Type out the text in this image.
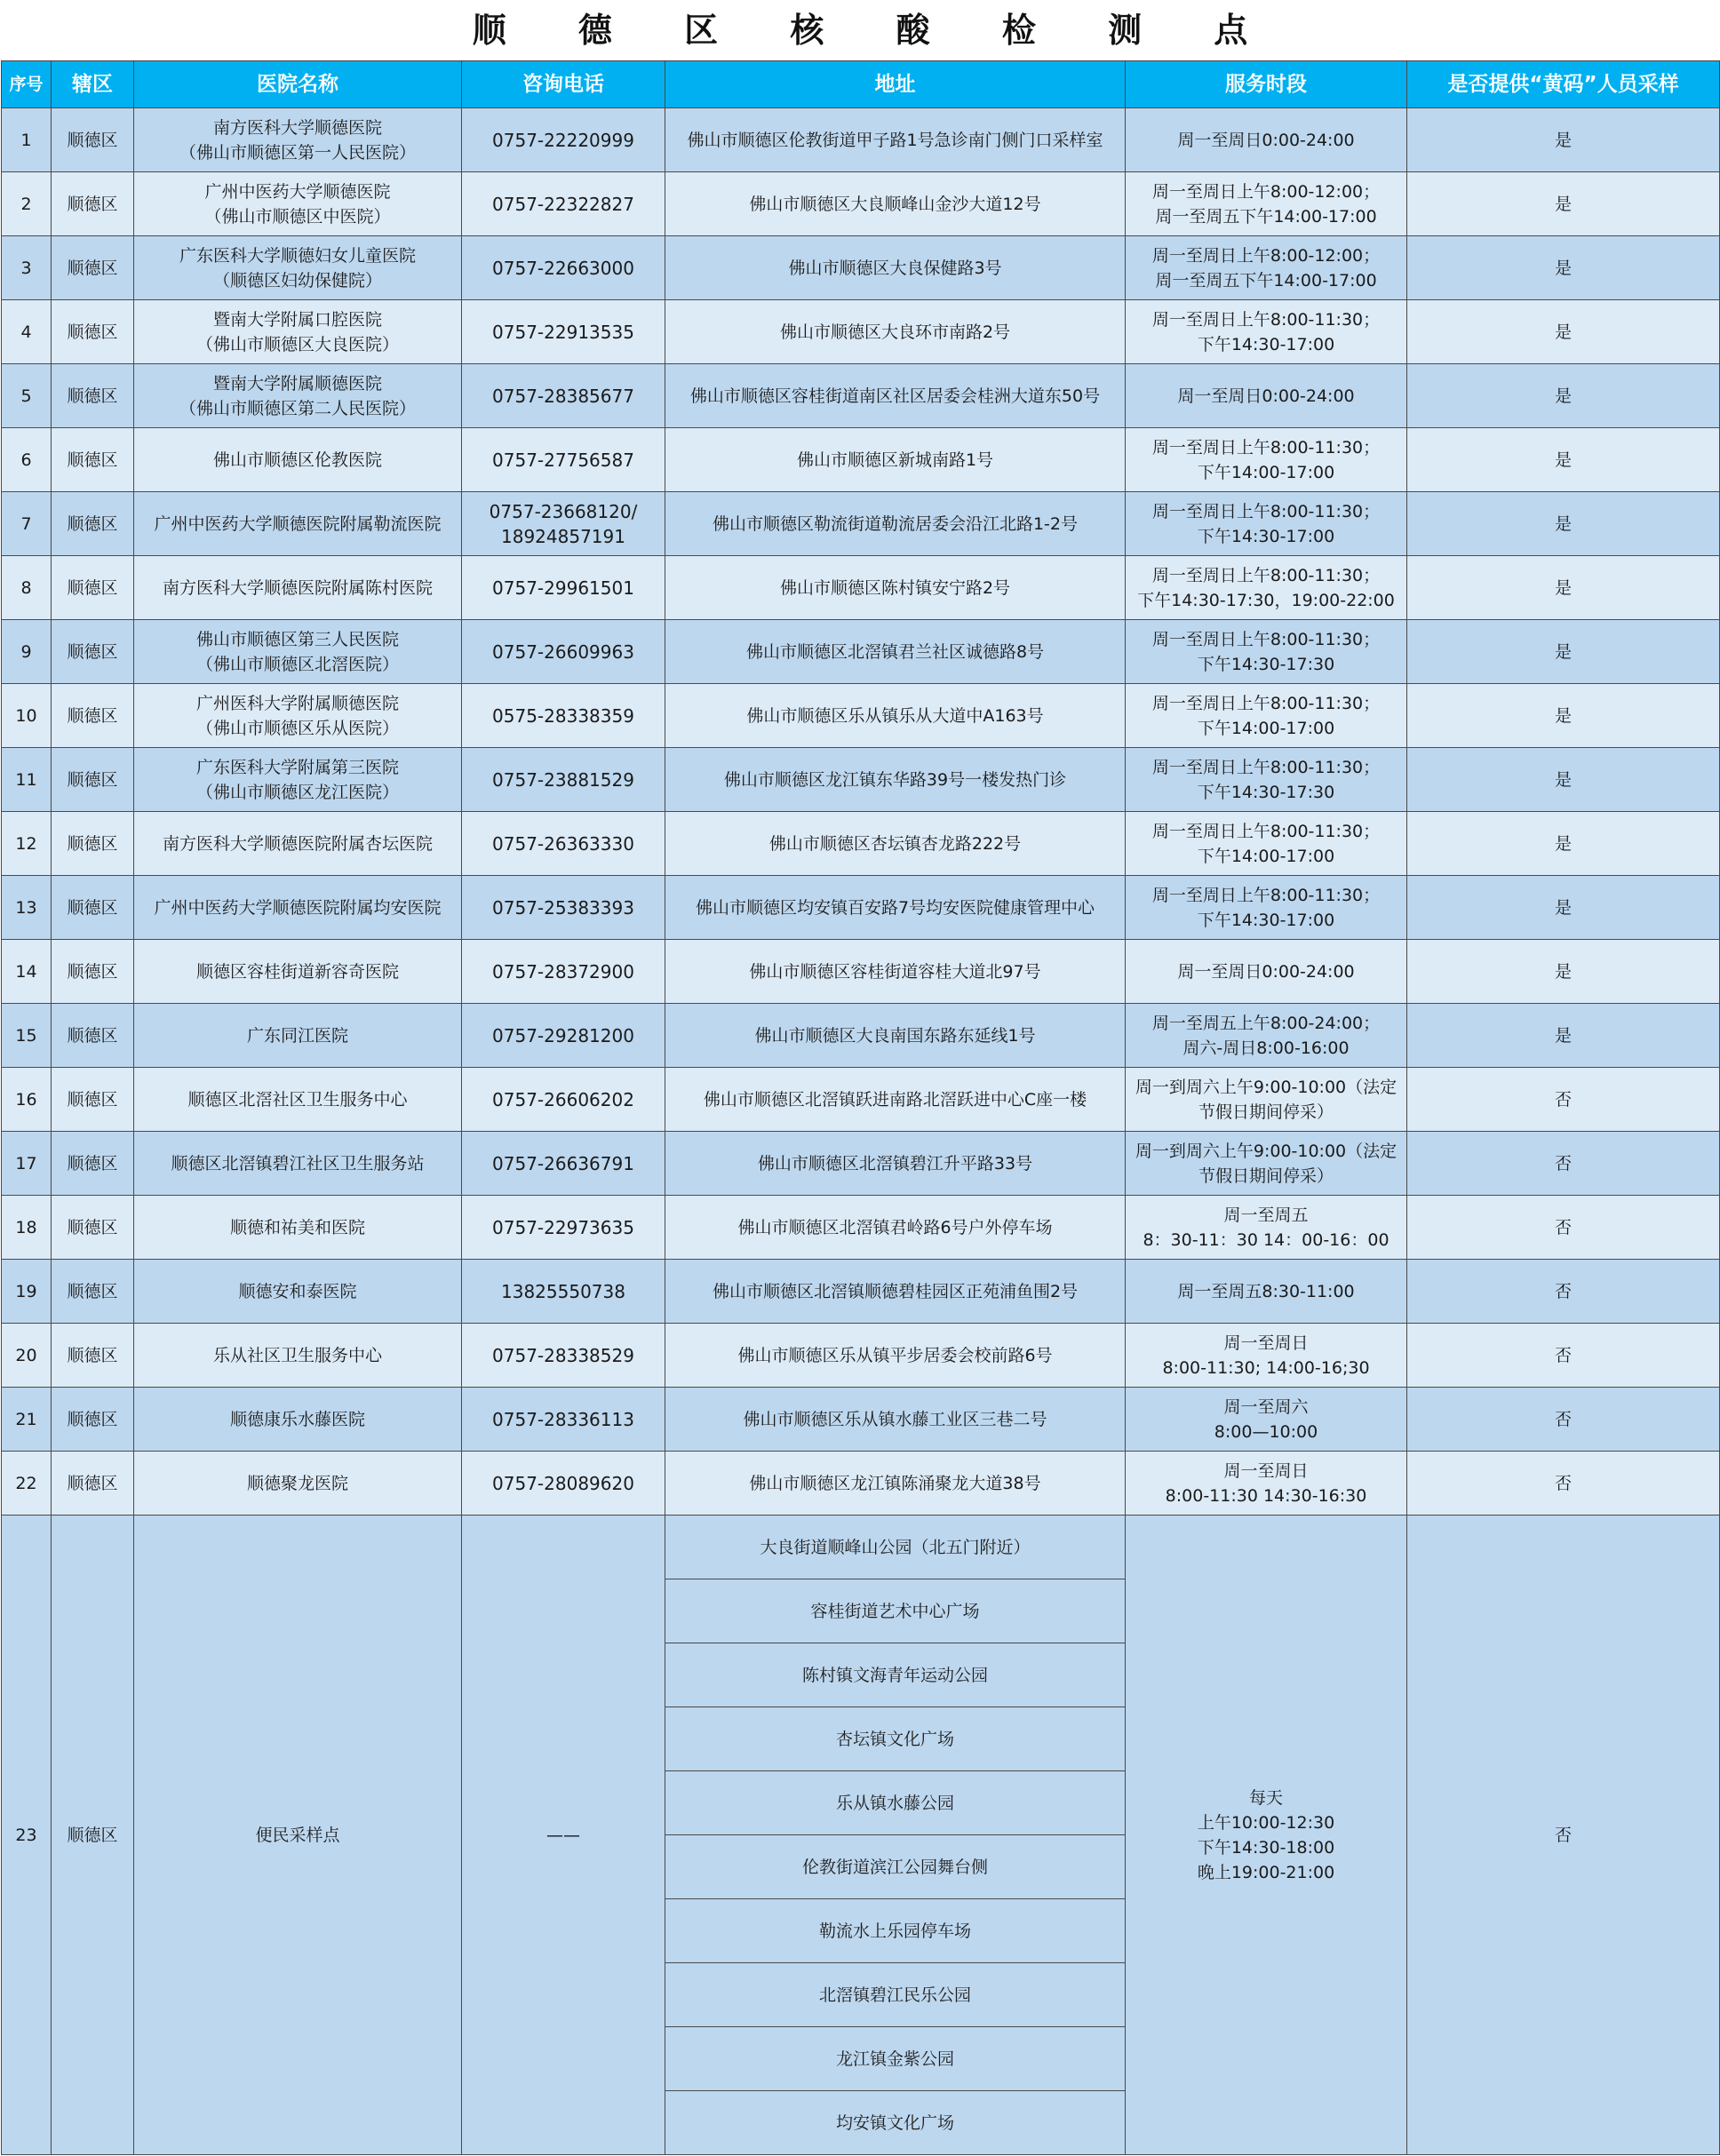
顺 德 区 核 酸 检 测 点
序号	辖区	医院名称	咨询电话	地址	服务时段	是否提供“黄码”人员采样

1	顺德区	南方医科大学顺德医院
（佛山市顺德区第一人民医院）	0757-22220999	佛山市顺德区伦教街道甲子路1号急诊南门侧门口采样室	周一至周日0:00-24:00	是

2	顺德区	广州中医药大学顺德医院
（佛山市顺德区中医院）	0757-22322827	佛山市顺德区大良顺峰山金沙大道12号	周一至周日上午8:00-12:00；
周一至周五下午14:00-17:00	是

3	顺德区	广东医科大学顺德妇女儿童医院
（顺德区妇幼保健院）	0757-22663000	佛山市顺德区大良保健路3号	周一至周日上午8:00-12:00；
周一至周五下午14:00-17:00	是

4	顺德区	暨南大学附属口腔医院
（佛山市顺德区大良医院）	0757-22913535	佛山市顺德区大良环市南路2号	周一至周日上午8:00-11:30；
下午14:30-17:00	是

5	顺德区	暨南大学附属顺德医院
（佛山市顺德区第二人民医院）	0757-28385677	佛山市顺德区容桂街道南区社区居委会桂洲大道东50号	周一至周日0:00-24:00	是

6	顺德区	佛山市顺德区伦教医院	0757-27756587	佛山市顺德区新城南路1号	周一至周日上午8:00-11:30；
下午14:00-17:00	是

7	顺德区	广州中医药大学顺德医院附属勒流医院	0757-23668120/
18924857191	佛山市顺德区勒流街道勒流居委会沿江北路1-2号	周一至周日上午8:00-11:30；
下午14:30-17:00	是

8	顺德区	南方医科大学顺德医院附属陈村医院	0757-29961501	佛山市顺德区陈村镇安宁路2号	周一至周日上午8:00-11:30；
下午14:30-17:30，19:00-22:00	是

9	顺德区	佛山市顺德区第三人民医院
（佛山市顺德区北滘医院）	0757-26609963	佛山市顺德区北滘镇君兰社区诚德路8号	周一至周日上午8:00-11:30；
下午14:30-17:30	是

10	顺德区	广州医科大学附属顺德医院
（佛山市顺德区乐从医院）	0575-28338359	佛山市顺德区乐从镇乐从大道中A163号	周一至周日上午8:00-11:30；
下午14:00-17:00	是

11	顺德区	广东医科大学附属第三医院
（佛山市顺德区龙江医院）	0757-23881529	佛山市顺德区龙江镇东华路39号一楼发热门诊	周一至周日上午8:00-11:30；
下午14:30-17:30	是

12	顺德区	南方医科大学顺德医院附属杏坛医院	0757-26363330	佛山市顺德区杏坛镇杏龙路222号	周一至周日上午8:00-11:30；
下午14:00-17:00	是

13	顺德区	广州中医药大学顺德医院附属均安医院	0757-25383393	佛山市顺德区均安镇百安路7号均安医院健康管理中心	周一至周日上午8:00-11:30；
下午14:30-17:00	是

14	顺德区	顺德区容桂街道新容奇医院	0757-28372900	佛山市顺德区容桂街道容桂大道北97号	周一至周日0:00-24:00	是

15	顺德区	广东同江医院	0757-29281200	佛山市顺德区大良南国东路东延线1号	周一至周五上午8:00-24:00；
周六-周日8:00-16:00	是

16	顺德区	顺德区北滘社区卫生服务中心	0757-26606202	佛山市顺德区北滘镇跃进南路北滘跃进中心C座一楼	周一到周六上午9:00-10:00（法定
节假日期间停采）	否

17	顺德区	顺德区北滘镇碧江社区卫生服务站	0757-26636791	佛山市顺德区北滘镇碧江升平路33号	周一到周六上午9:00-10:00（法定
节假日期间停采）	否

18	顺德区	顺德和祐美和医院	0757-22973635	佛山市顺德区北滘镇君岭路6号户外停车场	周一至周五
8：30-11：30 14：00-16：00	否

19	顺德区	顺德安和泰医院	13825550738	佛山市顺德区北滘镇顺德碧桂园区正苑浦鱼围2号	周一至周五8:30-11:00	否

20	顺德区	乐从社区卫生服务中心	0757-28338529	佛山市顺德区乐从镇平步居委会校前路6号	周一至周日
8:00-11:30; 14:00-16;30	否

21	顺德区	顺德康乐水藤医院	0757-28336113	佛山市顺德区乐从镇水藤工业区三巷二号	周一至周六
8:00—10:00	否

22	顺德区	顺德聚龙医院	0757-28089620	佛山市顺德区龙江镇陈涌聚龙大道38号	周一至周日
8:00-11:30 14:30-16:30	否

23	顺德区	便民采样点	——	大良街道顺峰山公园（北五门附近）	每天
上午10:00-12:30
下午14:30-18:00
晚上19:00-21:00	否

				容桂街道艺术中心广场		

				陈村镇文海青年运动公园		

				杏坛镇文化广场		

				乐从镇水藤公园		

				伦教街道滨江公园舞台侧		

				勒流水上乐园停车场		

				北滘镇碧江民乐公园		

				龙江镇金紫公园		

				均安镇文化广场		
